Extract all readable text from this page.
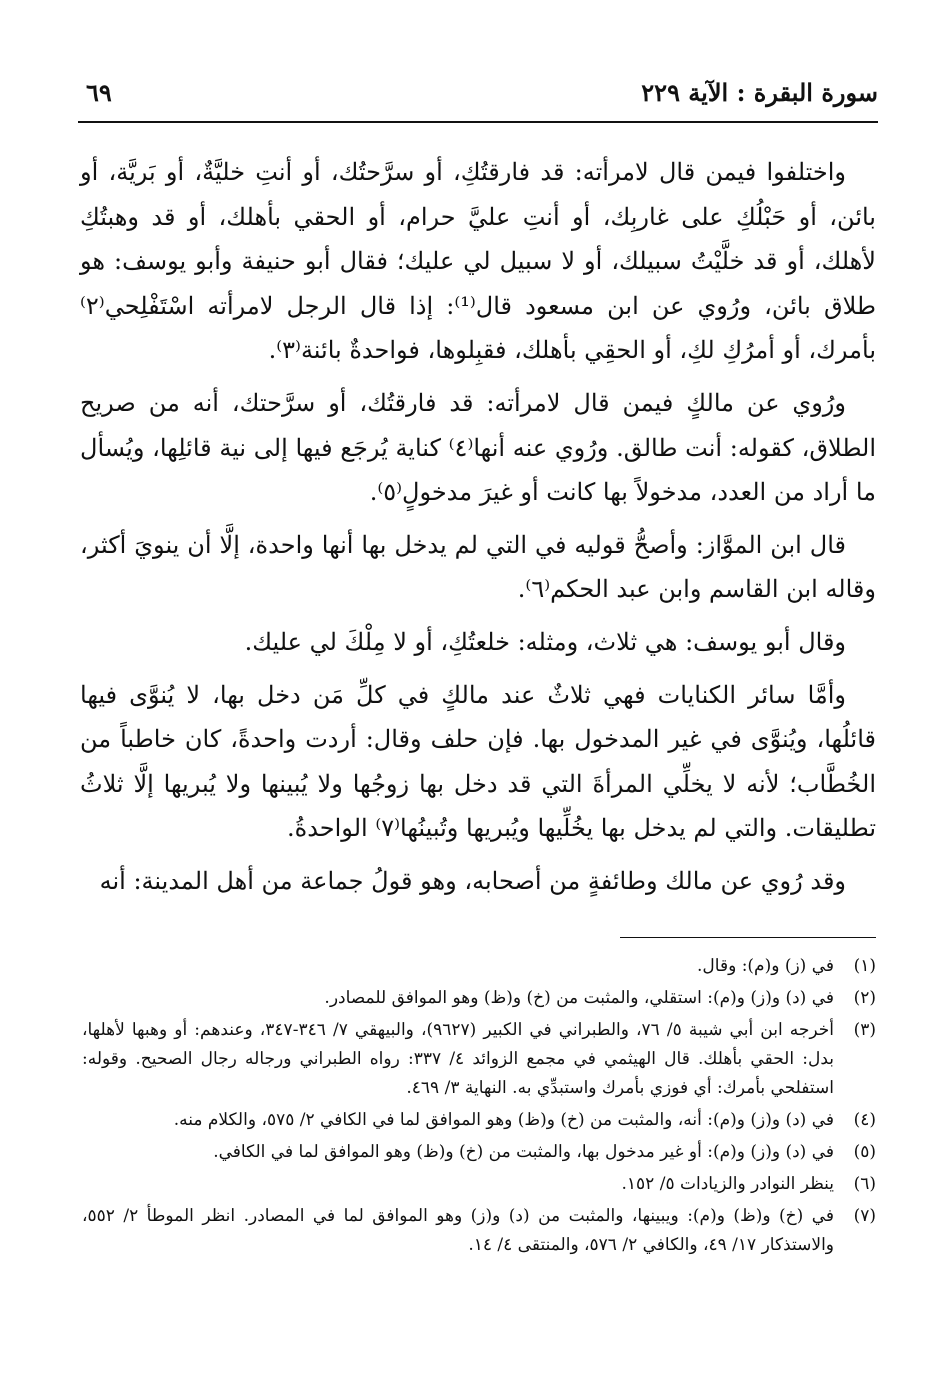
سورة البقرة : الآية ٢٢٩
٦٩

واختلفوا فيمن قال لامرأته: قد فارقتُكِ، أو سرَّحتُك، أو أنتِ خليَّةٌ، أو بَريَّة، أو بائن، أو حَبْلُكِ على غاربِك، أو أنتِ عليَّ حرام، أو الحقي بأهلك، أو قد وهبتُكِ لأهلك، أو قد خلَّيْتُ سبيلك، أو لا سبيل لي عليك؛ فقال أبو حنيفة وأبو يوسف: هو طلاق بائن، ورُوي عن ابن مسعود قال⁽¹⁾: إذا قال الرجل لامرأته اسْتَفْلِحي⁽٢⁾ بأمرك، أو أمرُكِ لكِ، أو الحقِي بأهلك، فقبِلوها، فواحدةٌ بائنة⁽٣⁾.

ورُوي عن مالكٍ فيمن قال لامرأته: قد فارقتُك، أو سرَّحتك، أنه من صريح الطلاق، كقوله: أنت طالق. ورُوي عنه أنها⁽٤⁾ كناية يُرجَع فيها إلى نية قائلِها، ويُسأل ما أراد من العدد، مدخولاً بها كانت أو غيرَ مدخولٍ⁽٥⁾.

قال ابن الموَّاز: وأصحُّ قوليه في التي لم يدخل بها أنها واحدة، إلَّا أن ينويَ أكثر، وقاله ابن القاسم وابن عبد الحكم⁽٦⁾.

وقال أبو يوسف: هي ثلاث، ومثله: خلعتُكِ، أو لا مِلْكَ لي عليك.

وأمَّا سائر الكنايات فهي ثلاثٌ عند مالكٍ في كلِّ مَن دخل بها، لا يُنوَّى فيها قائلُها، ويُنوَّى في غير المدخول بها. فإن حلف وقال: أردت واحدةً، كان خاطباً من الخُطَّاب؛ لأنه لا يخلِّي المرأةَ التي قد دخل بها زوجُها ولا يُبينها ولا يُبريها إلَّا ثلاثُ تطليقات. والتي لم يدخل بها يخُلِّيها ويُبريها وتُبينُها⁽٧⁾ الواحدةُ.

وقد رُوي عن مالك وطائفةٍ من أصحابه، وهو قولُ جماعة من أهل المدينة: أنه

(١)
في (ز) و(م): وقال.
(٢)
في (د) و(ز) و(م): استقلي، والمثبت من (خ) و(ظ) وهو الموافق للمصادر.
(٣)
أخرجه ابن أبي شيبة ٥/ ٧٦، والطبراني في الكبير (٩٦٢٧)، والبيهقي ٧/ ٣٤٦-٣٤٧، وعندهم: أو وهبها لأهلها، بدل: الحقي بأهلك. قال الهيثمي في مجمع الزوائد ٤/ ٣٣٧: رواه الطبراني ورجاله رجال الصحيح. وقوله: استفلحي بأمرك: أي فوزي بأمرك واستبدِّي به. النهاية ٣/ ٤٦٩.
(٤)
في (د) و(ز) و(م): أنه، والمثبت من (خ) و(ظ) وهو الموافق لما في الكافي ٢/ ٥٧٥، والكلام منه.
(٥)
في (د) و(ز) و(م): أو غير مدخول بها، والمثبت من (خ) و(ظ) وهو الموافق لما في الكافي.
(٦)
ينظر النوادر والزيادات ٥/ ١٥٢.
(٧)
في (خ) و(ظ) و(م): ويبينها، والمثبت من (د) و(ز) وهو الموافق لما في المصادر. انظر الموطأ ٢/ ٥٥٢، والاستذكار ١٧/ ٤٩، والكافي ٢/ ٥٧٦، والمنتقى ٤/ ١٤.
